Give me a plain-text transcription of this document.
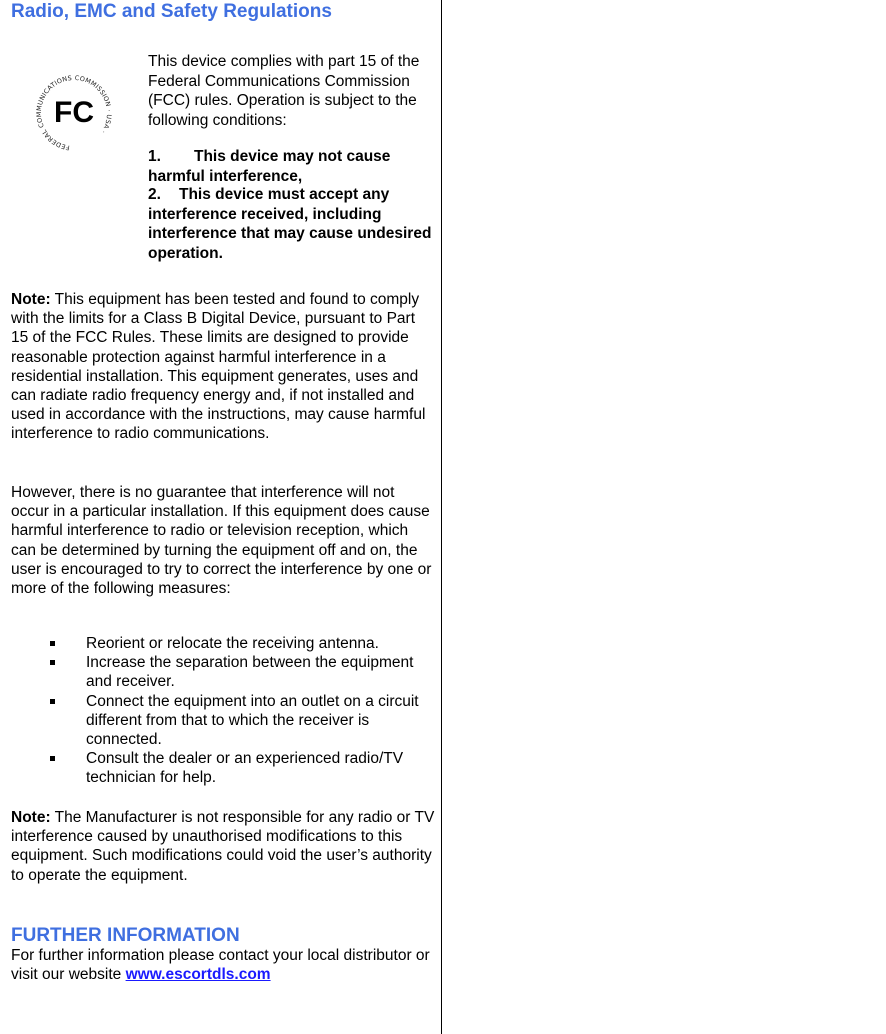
Radio, EMC and Safety Regulations
FEDERAL COMMUNICATIONS COMMISSION · USA ·
FC

This device complies with part 15 of the Federal Communications Commission (FCC) rules. Operation is subject to the following conditions:

1. This device may not cause harmful interference,

2. This device must accept any interference received, including interference that may cause undesired operation.

Note: This equipment has been tested and found to comply with the limits for a Class B Digital Device, pursuant to Part 15 of the FCC Rules. These limits are designed to provide reasonable protection against harmful interference in a residential installation. This equipment generates, uses and can radiate radio frequency energy and, if not installed and used in accordance with the instructions, may cause harmful interference to radio communications.

However, there is no guarantee that interference will not occur in a particular installation. If this equipment does cause harmful interference to radio or television reception, which can be determined by turning the equipment off and on, the user is encouraged to try to correct the interference by one or more of the following measures:

Reorient or relocate the receiving antenna.
Increase the separation between the equipment and receiver.
Connect the equipment into an outlet on a circuit different from that to which the receiver is connected.
Consult the dealer or an experienced radio/TV technician for help.

Note: The Manufacturer is not responsible for any radio or TV interference caused by unauthorised modifications to this equipment. Such modifications could void the user’s authority to operate the equipment.

FURTHER INFORMATION

For further information please contact your local distributor or visit our website www.escortdls.com
